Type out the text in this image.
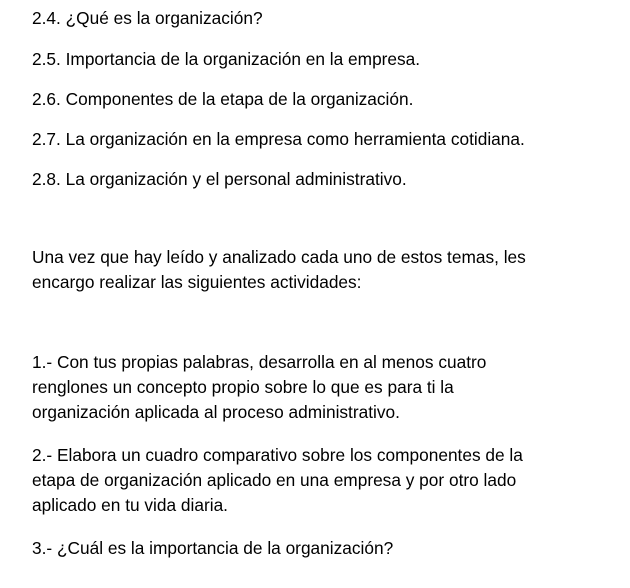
2.4. ¿Qué es la organización?
2.5. Importancia de la organización en la empresa.
2.6. Componentes de la etapa de la organización.
2.7. La organización en la empresa como herramienta cotidiana.
2.8. La organización y el personal administrativo.
Una vez que hay leído y analizado cada uno de estos temas, les
encargo realizar las siguientes actividades:
1.- Con tus propias palabras, desarrolla en al menos cuatro
renglones un concepto propio sobre lo que es para ti la
organización aplicada al proceso administrativo.
2.- Elabora un cuadro comparativo sobre los componentes de la
etapa de organización aplicado en una empresa y por otro lado
aplicado en tu vida diaria.
3.- ¿Cuál es la importancia de la organización?
